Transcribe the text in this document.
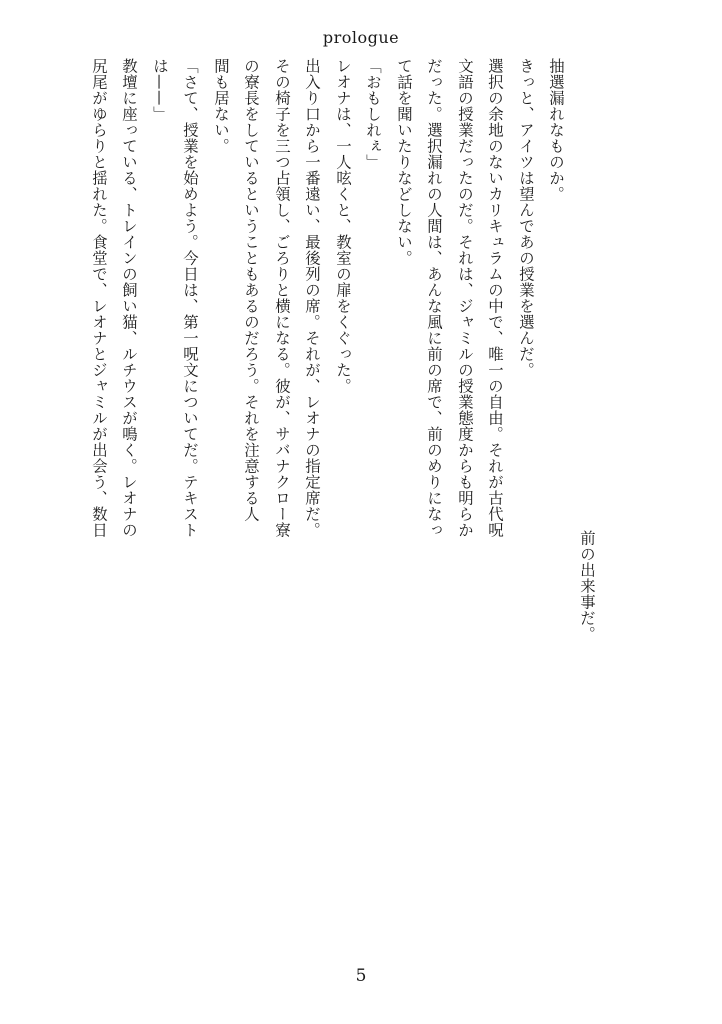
prologue
抽選漏れなものか。
きっと、アイツは望んであの授業を選んだ。
選択の余地のないカリキュラムの中で、唯一の自由。それが古代呪
文語の授業だったのだ。それは、ジャミルの授業態度からも明らか
だった。選択漏れの人間は、あんな風に前の席で、前のめりになっ
て話を聞いたりなどしない。
「おもしれぇ」
レオナは、一人呟くと、教室の扉をくぐった。
出入り口から一番遠い、最後列の席。それが、レオナの指定席だ。
その椅子を三つ占領し、ごろりと横になる。彼が、サバナクロー寮
の寮長をしているということもあるのだろう。それを注意する人
間も居ない。
「さて、授業を始めよう。今日は、第一呪文についてだ。テキスト
は——」
教壇に座っている、トレインの飼い猫、ルチウスが鳴く。レオナの
尻尾がゆらりと揺れた。食堂で、レオナとジャミルが出会う、数日
前の出来事だ。
5
